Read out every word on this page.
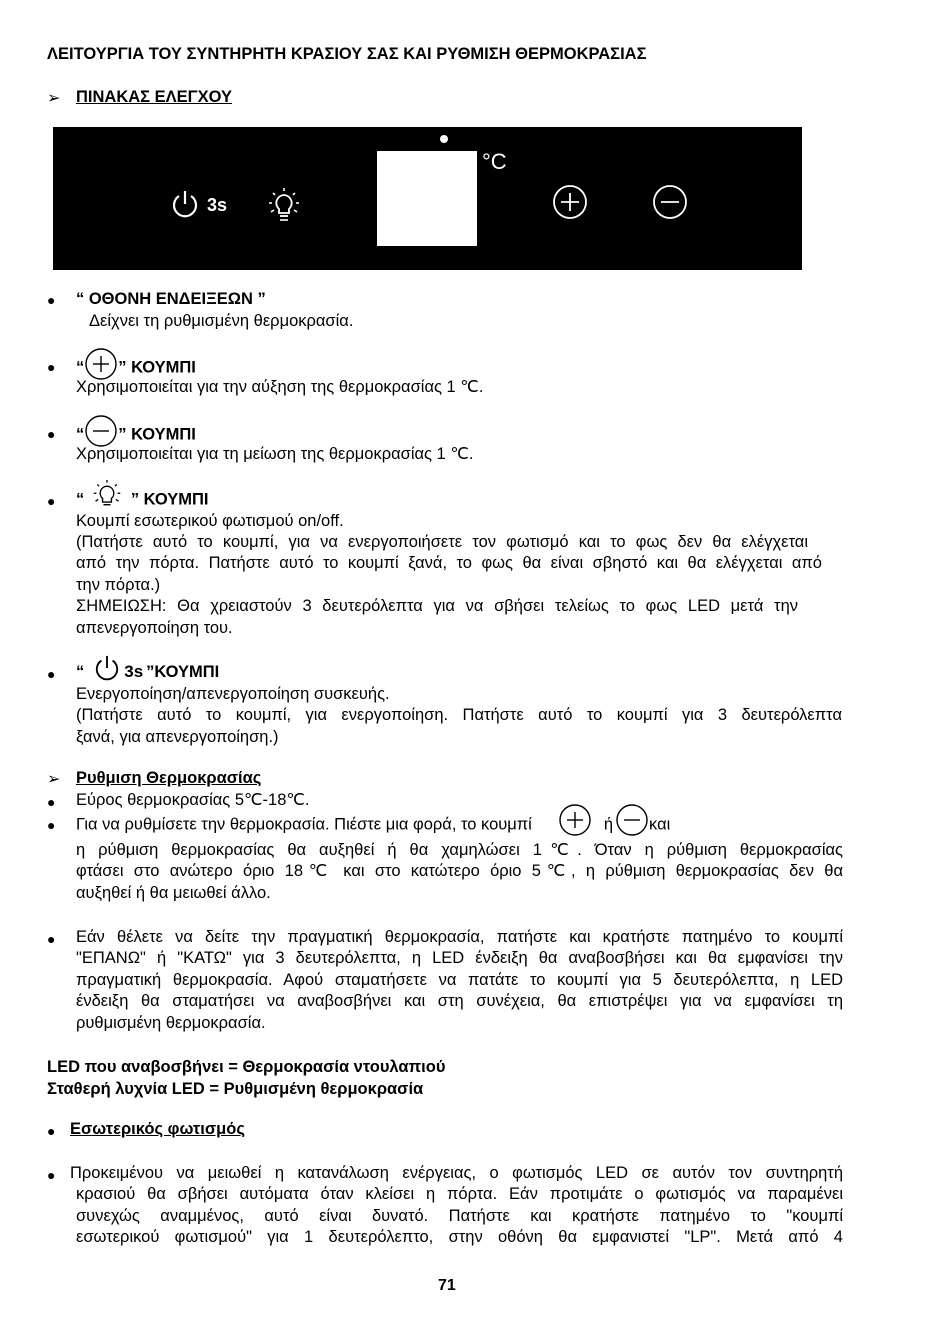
ΛΕΙΤΟΥΡΓΙΑ ΤΟΥ ΣΥΝΤΗΡΗΤΗ ΚΡΑΣΙΟΥ ΣΑΣ ΚΑΙ ΡΥΘΜΙΣΗ ΘΕΡΜΟΚΡΑΣΙΑΣ
➢ ΠΙΝΑΚΑΣ ΕΛΕΓΧΟΥ
3s
°C
● “ ΟΘΟΝΗ ΕΝΔΕΙΞΕΩΝ ”
Δείχνει τη ρυθμισμένη θερμοκρασία.
● “ ” ΚΟΥΜΠΙ
Χρησιμοποιείται για την αύξηση της θερμοκρασίας 1 ℃.
● “ ” ΚΟΥΜΠΙ
Χρησιμοποιείται για τη μείωση της θερμοκρασίας 1 ℃.
● “	” ΚΟΥΜΠΙ
Κουμπί εσωτερικού φωτισμού on/off.
(Πατήστε αυτό το κουμπί, για να ενεργοποιήσετε τον φωτισμό και το φως δεν θα ελέγχεται
από την πόρτα. Πατήστε αυτό το κουμπί ξανά, το φως θα είναι σβηστό και θα ελέγχεται από
την πόρτα.)
ΣΗΜΕΙΩΣΗ: Θα χρειαστούν 3 δευτερόλεπτα για να σβήσει τελείως το φως LED μετά την
απενεργοποίηση του.
● “ 3s ”ΚΟΥΜΠΙ
Ενεργοποίηση/απενεργοποίηση συσκευής.
(Πατήστε αυτό το κουμπί, για ενεργοποίηση. Πατήστε αυτό το κουμπί για 3 δευτερόλεπτα
ξανά, για απενεργοποίηση.)
➢ Ρυθμιση Θερμοκρασίας
● Εύρος θερμοκρασίας 5℃-18℃.
● Για να ρυθμίσετε την θερμοκρασία. Πιέστε μια φορά, το κουμπί	ή και
η ρύθμιση θερμοκρασίας θα αυξηθεί ή θα χαμηλώσει 1℃. Όταν η ρύθμιση θερμοκρασίας
φτάσει στο ανώτερο όριο 18℃ και στο κατώτερο όριο 5℃, η ρύθμιση θερμοκρασίας δεν θα
αυξηθεί ή θα μειωθεί άλλο.
● Εάν θέλετε να δείτε την πραγματική θερμοκρασία, πατήστε και κρατήστε πατημένο το κουμπί
"ΕΠΑΝΩ" ή "ΚΑΤΩ" για 3 δευτερόλεπτα, η LED ένδειξη θα αναβοσβήσει και θα εμφανίσει την
πραγματική θερμοκρασία. Αφού σταματήσετε να πατάτε το κουμπί για 5 δευτερόλεπτα, η LED
ένδειξη θα σταματήσει να αναβοσβήνει και στη συνέχεια, θα επιστρέψει για να εμφανίσει τη
ρυθμισμένη θερμοκρασία.
LED που αναβοσβήνει = Θερμοκρασία ντουλαπιού
Σταθερή λυχνία LED = Ρυθμισμένη θερμοκρασία
● Εσωτερικός φωτισμός
● Προκειμένου να μειωθεί η κατανάλωση ενέργειας, ο φωτισμός LED σε αυτόν τον συντηρητή
κρασιού θα σβήσει αυτόματα όταν κλείσει η πόρτα. Εάν προτιμάτε ο φωτισμός να παραμένει
συνεχώς αναμμένος, αυτό είναι δυνατό. Πατήστε και κρατήστε πατημένο το "κουμπί
εσωτερικού φωτισμού" για 1 δευτερόλεπτο, στην οθόνη θα εμφανιστεί "LP". Μετά από 4
71
